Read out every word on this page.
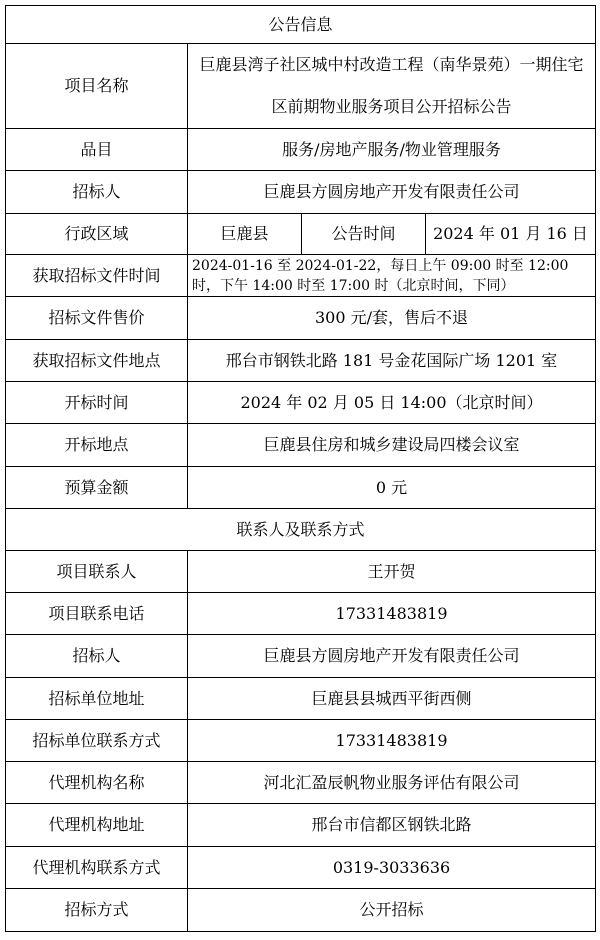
公告信息			
项目名称	巨鹿县湾子社区城中村改造工程（南华景苑）一期住宅区前期物业服务项目公开招标公告		
品目	服务/房地产服务/物业管理服务		
招标人	巨鹿县方圆房地产开发有限责任公司		
行政区域	巨鹿县	公告时间	2024 年 01 月 16 日
获取招标文件时间	2024-01-16 至 2024-01-22，每日上午 09:00 时至 12:00 时，下午 14:00 时至 17:00 时（北京时间，下同）		
招标文件售价	300 元/套，售后不退		
获取招标文件地点	邢台市钢铁北路 181 号金花国际广场 1201 室		
开标时间	2024 年 02 月 05 日 14:00（北京时间）		
开标地点	巨鹿县住房和城乡建设局四楼会议室		
预算金额	0 元		
联系人及联系方式			
项目联系人	王开贺		
项目联系电话	17331483819		
招标人	巨鹿县方圆房地产开发有限责任公司		
招标单位地址	巨鹿县县城西平街西侧		
招标单位联系方式	17331483819		
代理机构名称	河北汇盈辰帆物业服务评估有限公司		
代理机构地址	邢台市信都区钢铁北路		
代理机构联系方式	0319-3033636		
招标方式	公开招标		
